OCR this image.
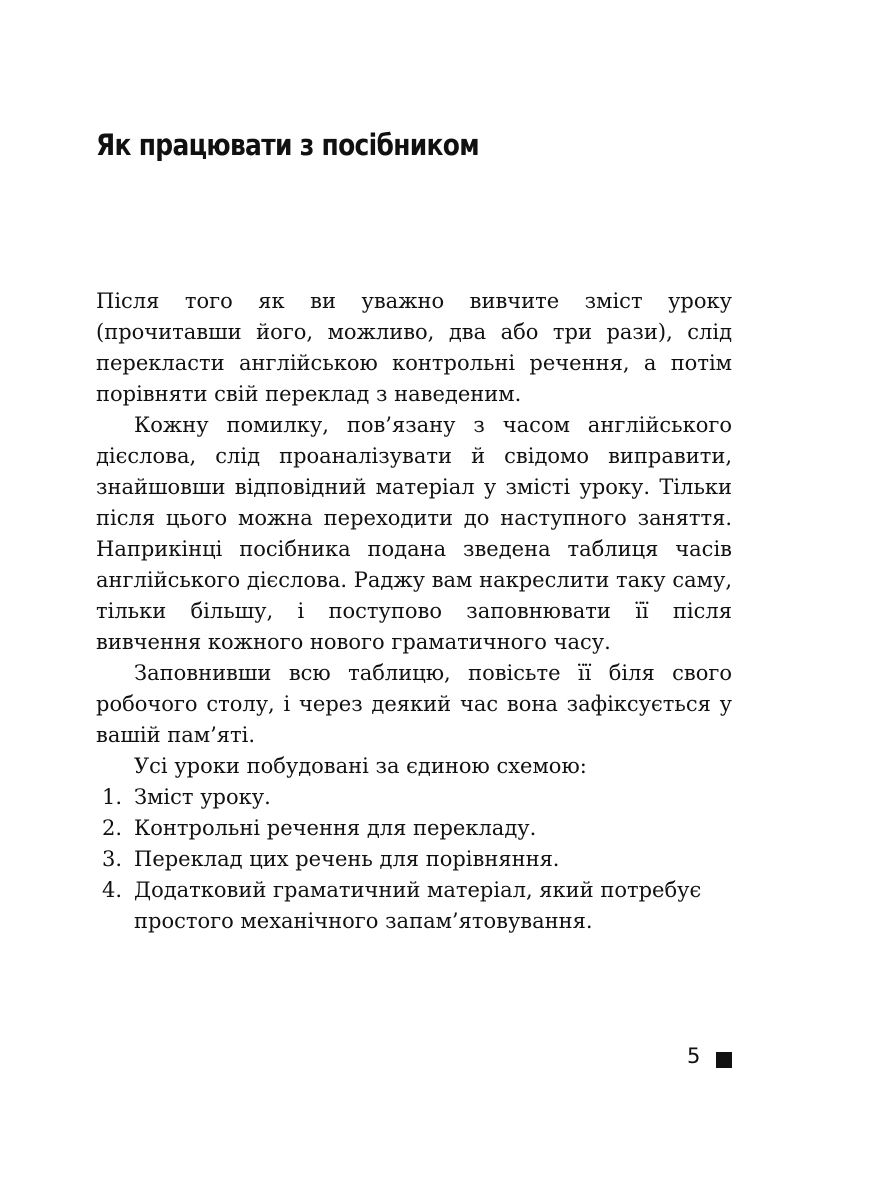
Як працювати з посібником

Після того як ви уважно вивчите зміст уроку (прочитавши його, можливо, два або три рази), слід перекласти англійською контрольні речення, а потім порівняти свій переклад з наведеним.

Кожну помилку, пов’язану з часом англійського дієслова, слід проаналізувати й свідомо виправити, знайшовши відповідний матеріал у змісті уроку. Тільки після цього можна переходити до наступного заняття. Наприкінці посібника подана зведена таблиця часів англійського дієслова. Раджу вам накреслити таку саму, тільки більшу, і поступово заповнювати її після вивчення кожного нового граматичного часу.

Заповнивши всю таблицю, повісьте її біля свого робочого столу, і через деякий час вона зафіксується у вашій пам’яті.

Усі уроки побудовані за єдиною схемою:

1. Зміст уроку.
2. Контрольні речення для перекладу.
3. Переклад цих речень для порівняння.
4. Додатковий граматичний матеріал, який потребує простого механічного запам’ятовування.
5
